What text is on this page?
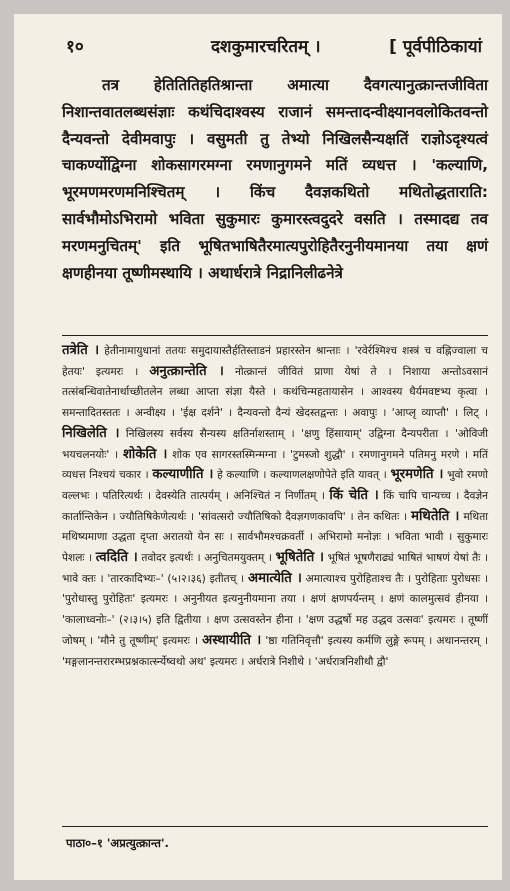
१०	दशकुमारचरितम् ।	[ पूर्वपीठिकायां

तत्र हेतितितिहतिश्रान्ता अमात्या दैवगत्यानुत्क्रान्तजीविता निशान्तवातलब्धसंज्ञाः कथंचिदाश्वस्य राजानं समन्तादन्वीक्ष्यानवलोकितवन्तो दैन्यवन्तो देवीमवापुः । वसुमती तु तेभ्यो निखिलसैन्यक्षतिं राज्ञोऽदृश्यत्वं चाकर्ण्योद्विग्ना शोकसागरमग्ना रमणानुगमने मतिं व्यधत्त । 'कल्याणि, भूरमणमरणमनिश्चितम् । किंच दैवज्ञकथितो मथितोद्धताराति: सार्वभौमोऽभिरामो भविता सुकुमारः कुमारस्त्वदुदरे वसति । तस्मादद्य तव मरणमनुचितम्' इति भूषितभाषितैरमात्यपुरोहितैरनुनीयमानया तया क्षणं क्षणहीनया तूष्णीमस्थायि । अथार्धरात्रे निद्रानिलीढनेत्रे

तत्रेति । हेतीनामायुधानां ततयः समुदायास्तैर्हतिस्ताडनं प्रहारस्तेन श्रान्ताः । 'रवेर्रश्मिश्च शस्त्रं च वह्निज्वाला च हेतयः' इत्यमरः । अनुत्क्रान्तेति । नोत्क्रान्तं जीवितं प्राणा येषां ते । निशाया अन्तोऽवसानं तत्संबन्धिवातेनार्थाच्छीतलेन लब्धा आप्ता संज्ञा यैस्ते । कथंचिन्महतायासेन । आश्वस्य धैर्यमवष्टभ्य कृत्वा । समन्तादितस्ततः । अन्वीक्ष्य । 'ईक्ष दर्शने' । दैन्यवन्तो दैन्यं खेदस्तद्वन्तः । अवापुः । 'आप्लृ व्याप्तौ' । लिट् । निखिलेति । निखिलस्य सर्वस्य सैन्यस्य क्षतिर्नाशस्ताम् । 'क्षणु हिंसायाम्' उद्विग्ना दैन्यपरीता । 'ओविजी भयचलनयोः' । शोकेति । शोक एव सागरस्तस्मिन्मग्ना । 'टुमस्जो शुद्धौ' । रमणानुगमने पतिमनु मरणे । मतिं व्यधत्त निश्चयं चकार । कल्याणीति । हे कल्याणि । कल्याणलक्षणोपेते इति यावत् । भूरमणेति । भुवो रमणो वल्लभः । पतिरित्यर्थः । देवस्येति तात्पर्यम् । अनिश्चितं न निर्णीतम् । किं चेति । किं चापि चान्यच्च । दैवज्ञेन कार्तान्तिकेन । ज्यौतिषिकेणेत्यर्थः । 'सांवत्सरो ज्यौतिषिको दैवज्ञगणकावपि' । तेन कथितः । मथितेति । मथिता मथिष्यमाणा उद्धता दृप्ता अरातयो येन सः । सार्वभौमश्चक्रवर्ती । अभिरामो मनोज्ञः । भविता भावी । सुकुमारः पेशलः । त्वदिति । तवोदर इत्यर्थः । अनुचितमयुक्तम् । भूषितेति । भूषितं भूषणैराढ्यं भाषितं भाषणं येषां तैः । भावे क्तः । 'तारकादिभ्यः–' (५।२।३६) इतीतच् । अमात्येति । अमात्याश्च पुरोहिताश्च तैः । पुरोहिताः पुरोधसः । 'पुरोधास्तु पुरोहितः' इत्यमरः । अनुनीयत इत्यनुनीयमाना तया । क्षणं क्षणपर्यन्तम् । क्षणं कालमुत्सवं हीनया । 'कालाध्वनोः–' (२।३।५) इति द्वितीया । क्षण उत्सवस्तेन हीना । 'क्षण उद्धर्षो मह उद्धव उत्सवः' इत्यमरः । तूष्णीं जोषम् । 'मौने तु तूष्णीम्' इत्यमरः । अस्थायीति । 'ष्ठा गतिनिवृत्तौ' इत्यस्य कर्मणि लुङ्गे रूपम् । अथानन्तरम् । 'मङ्गलानन्तरारम्भप्रश्नकार्त्स्न्येष्वथो अथ' इत्यमरः । अर्धरात्रे निशीथे । 'अर्धरात्रनिशीथौ द्वौ'

पाठा०–१ 'अप्रत्युत्क्रान्त'.
